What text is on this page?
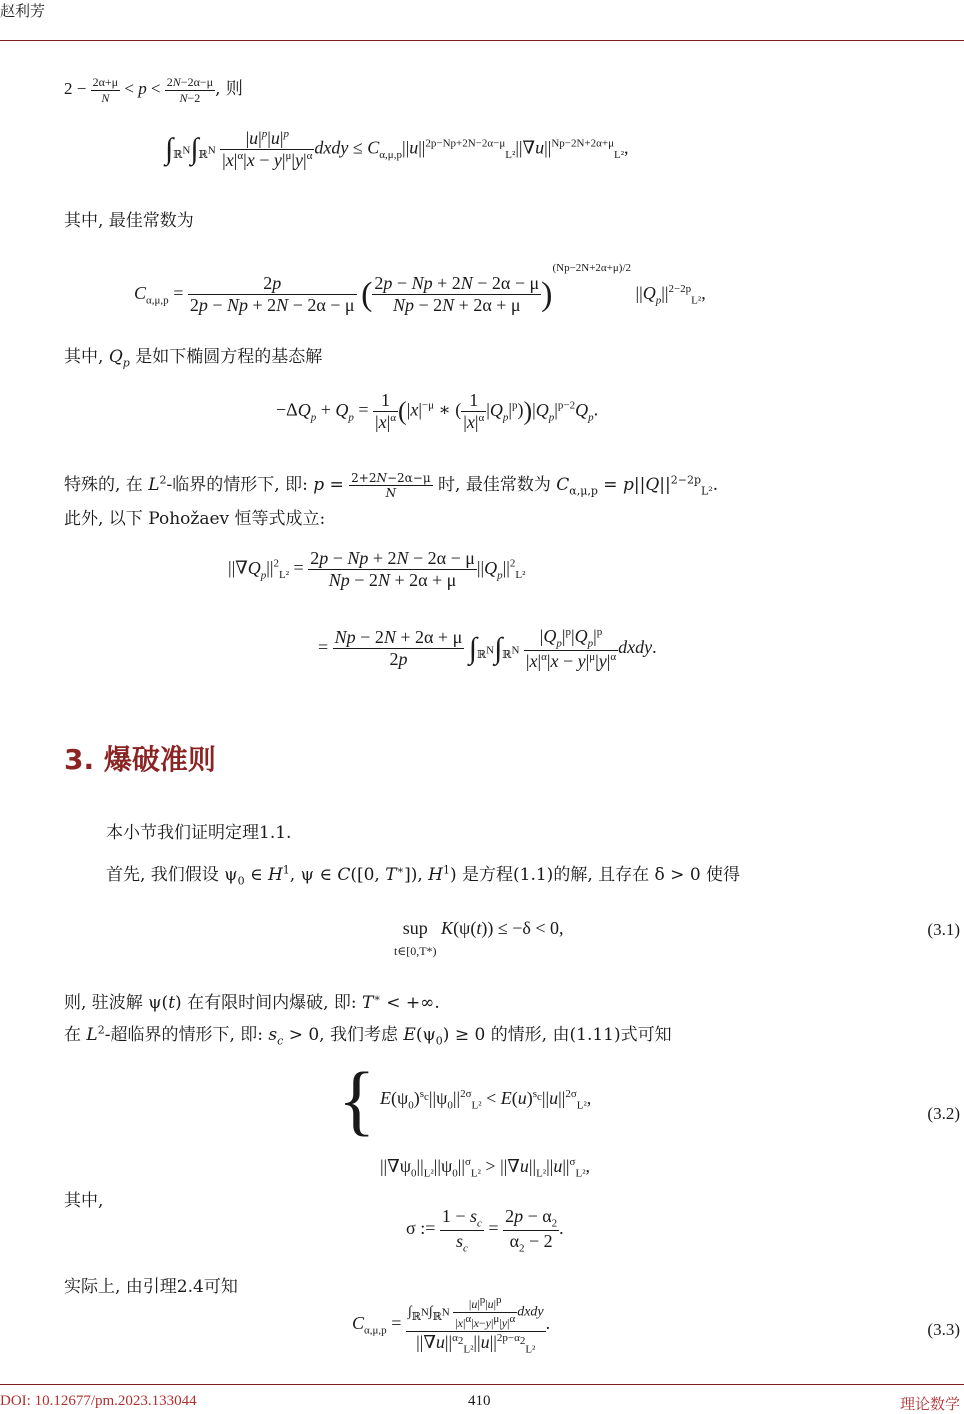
赵利芳
$2 - \frac{2\alpha+\mu}{N} < p < \frac{2N-2\alpha-\mu}{N-2}$ , 则
$\int_{ℝ^N}\int_{ℝ^N} \frac{|u|^p|u|^p}{|x|^\alpha|x - y|^\mu|y|^\alpha}$ dxdy ≤ $C_{\alpha,\mu,p}||u||^{2p-Np+2N-2\alpha-\mu}_{L^2}||\nabla u||^{Np-2N+2\alpha+\mu}_{L^2}$,
其中, 最佳常数为
$C_{\alpha,\mu,p} = \frac{2p}{2p - Np + 2N - 2\alpha - \mu}$ ( $\frac{2p - Np + 2N - 2\alpha - \mu}{Np - 2N + 2\alpha + \mu} )^{(Np-2N+2\alpha+\mu)/2}$ $||Q_p||^{2-2p}_{L^2}$,
其中, $Q_p$ 是如下椭圆方程的基态解
$-\Delta Q_p + Q_p = \frac{1}{|x|^\alpha} (|x|^{-\mu}$ ∗ ( $\frac{1}{|x|^\alpha} |Q_p|^p))|Q_p|^{p-2}Q_p$.
特殊的, 在 $L^2-$临界的情形下, 即: $p = \frac{2+2N-2\alpha-\mu}{N}$ 时, 最佳常数为 $C_{\alpha,\mu,p} = p||Q||^{2-2p}_{L^2}$.
此外, 以下 Pohožaev 恒等式成立:
$||\nabla Q_p||^2_{L^2} = \frac{2p - Np + 2N - 2\alpha - \mu}{Np - 2N + 2\alpha + \mu} ||Q_p||^2_{L^2}$
= $\frac{Np - 2N + 2\alpha + \mu}{2p} \int_{ℝ^N}\int_{ℝ^N} \frac{|Q_p|^p|Q_p|^p}{|x|^\alpha|x - y|^\mu|y|^\alpha}$ dxdy.
3. 爆破准则
本小节我们证明定理1.1.
首先, 我们假设 $\psi_0$ ∈ $H^1$, ψ ∈ C([0, T∗]), $H^1$) 是方程(1.1)的解, 且存在 δ > 0 使得
sup
t∈[0,T*) K(ψ(t)) ≤ −δ < 0,	(3.1)
则, 驻波解 ψ(t) 在有限时间内爆破, 即: T∗ < +∞.
在 $L^2-$超临界的情形下, 即: $s_c > 0$, 我们考虑 $E(\psi_0) \ge 0$ 的情形, 由(1.11)式可知
{ $E(\psi_0)^{s_c}||\psi_0||^{2\sigma}_{L^2} < E(u)^{s_c}||u||^{2\sigma}_{L^2}$,
$||\nabla\psi_0||_{L^2}||\psi_0||^\sigma_{L^2} > ||\nabla u||_{L^2}||u||^\sigma_{L^2}$,
(3.2)
其中,
σ := $\frac{1 - s_c}{s_c} = \frac{2p - \alpha_2}{\alpha_2 - 2}$ .
实际上, 由引理2.4可知
$C_{\alpha,\mu,p} = \frac{\int_{ℝ^N}\int_{ℝ^N} \frac{|u|^p|u|^p}{|x|^\alpha|x-y|^\mu|y|^\alpha} dxdy}{||\nabla u||^{\alpha_2}_{L^2}||u||^{2p-\alpha_2}_{L^2}}$ .	(3.3)
DOI: 10.12677/pm.2023.133044	410	理论数学
